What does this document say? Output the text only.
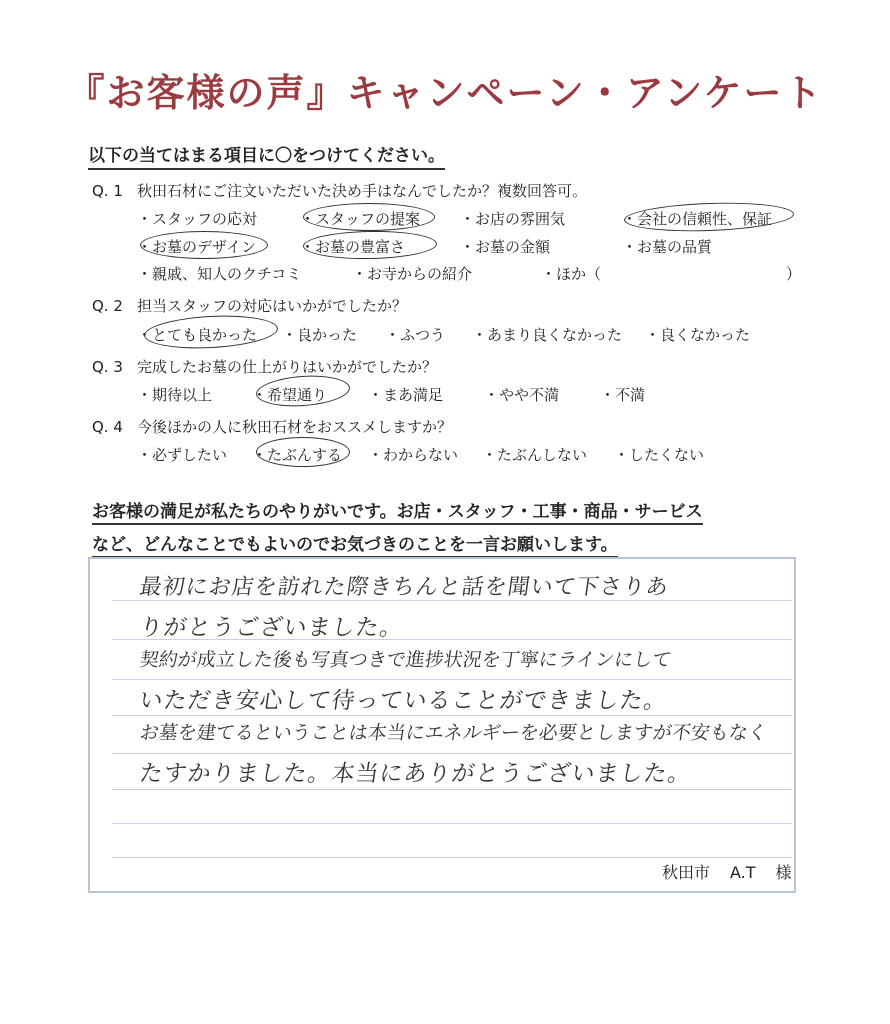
『お客様の声』キャンペーン・アンケート
以下の当てはまる項目に〇をつけてください。
Q. 1 秋田石材にご注文いただいた決め手はなんでしたか？複数回答可。
・スタッフの応対	・スタッフの提案	・お店の雰囲気	・会社の信頼性、保証
・お墓のデザイン	・お墓の豊富さ	・お墓の金額	・お墓の品質
・親戚、知人のクチコミ	・お寺からの紹介	・ほか（	）
Q. 2 担当スタッフの対応はいかがでしたか？
・とても良かった ・良かった ・ふつう ・あまり良くなかった ・良くなかった
Q. 3 完成したお墓の仕上がりはいかがでしたか？
・期待以上	・希望通り	・まあ満足	・やや不満	・不満
Q. 4 今後ほかの人に秋田石材をおススメしますか？
・必ずしたい ・たぶんする ・わからない ・たぶんしない ・したくない
お客様の満足が私たちのやりがいです。お店・スタッフ・工事・商品・サービス
など、どんなことでもよいのでお気づきのことを一言お願いします。
最初にお店を訪れた際きちんと話を聞いて下さりあ
りがとうございました。
契約が成立した後も写真つきで進捗状況を丁寧にラインにして
いただき安心して待っていることができました。
お墓を建てるということは本当にエネルギーを必要としますが不安もなく
たすかりました。本当にありがとうございました。
秋田市 A.T 様
